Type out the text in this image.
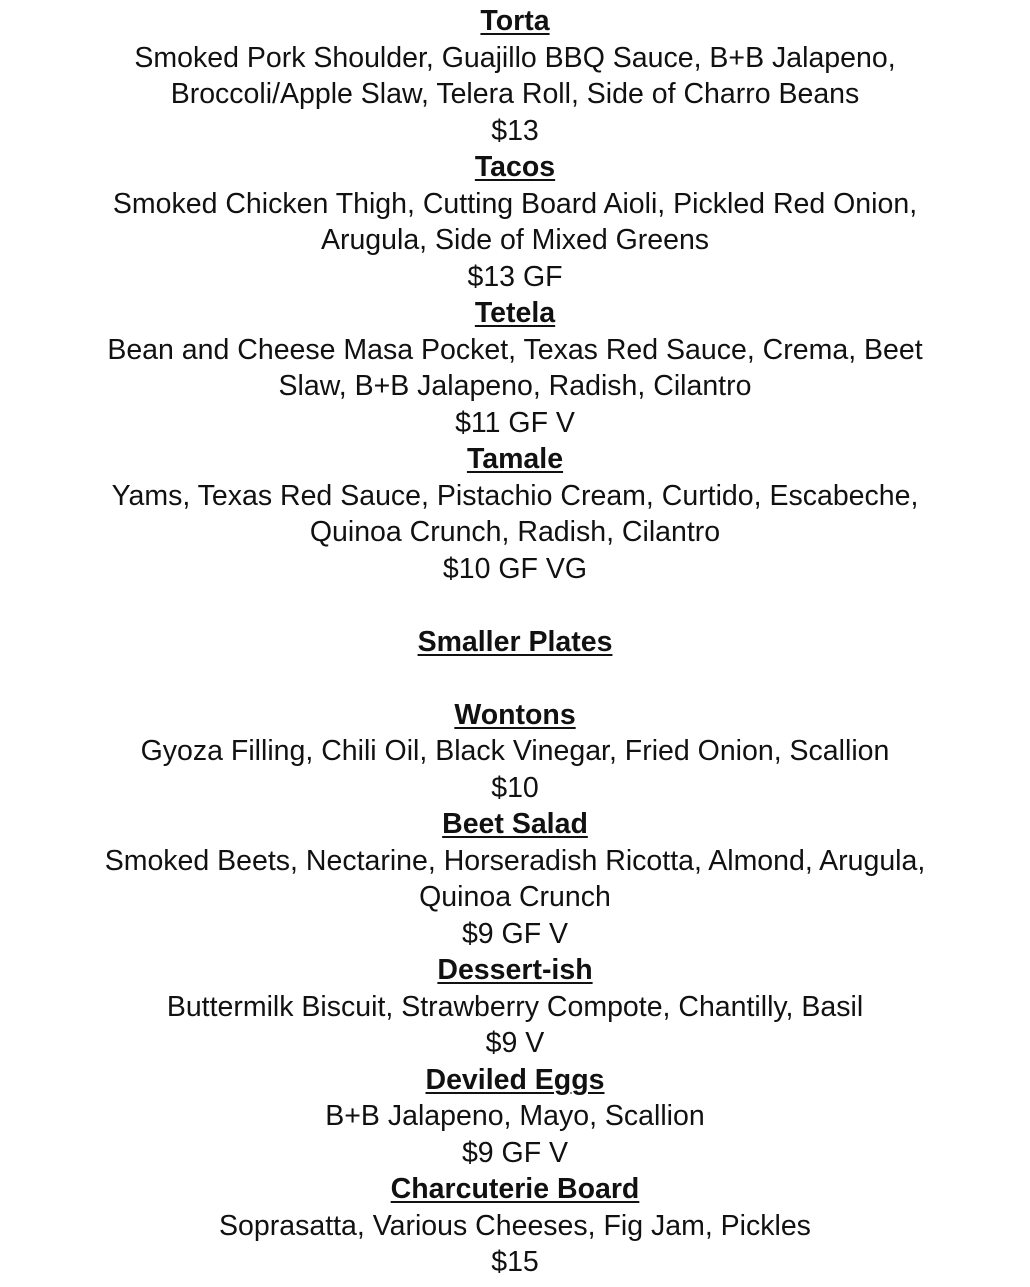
Torta
Smoked Pork Shoulder, Guajillo BBQ Sauce, B+B Jalapeno,
Broccoli/Apple Slaw, Telera Roll, Side of Charro Beans
$13
Tacos
Smoked Chicken Thigh, Cutting Board Aioli, Pickled Red Onion,
Arugula, Side of Mixed Greens
$13 GF
Tetela
Bean and Cheese Masa Pocket, Texas Red Sauce, Crema, Beet
Slaw, B+B Jalapeno, Radish, Cilantro
$11 GF V
Tamale
Yams, Texas Red Sauce, Pistachio Cream, Curtido, Escabeche,
Quinoa Crunch, Radish, Cilantro
$10 GF VG
Smaller Plates
Wontons
Gyoza Filling, Chili Oil, Black Vinegar, Fried Onion, Scallion
$10
Beet Salad
Smoked Beets, Nectarine, Horseradish Ricotta, Almond, Arugula,
Quinoa Crunch
$9 GF V
Dessert-ish
Buttermilk Biscuit, Strawberry Compote, Chantilly, Basil
$9 V
Deviled Eggs
B+B Jalapeno, Mayo, Scallion
$9 GF V
Charcuterie Board
Soprasatta, Various Cheeses, Fig Jam, Pickles
$15
